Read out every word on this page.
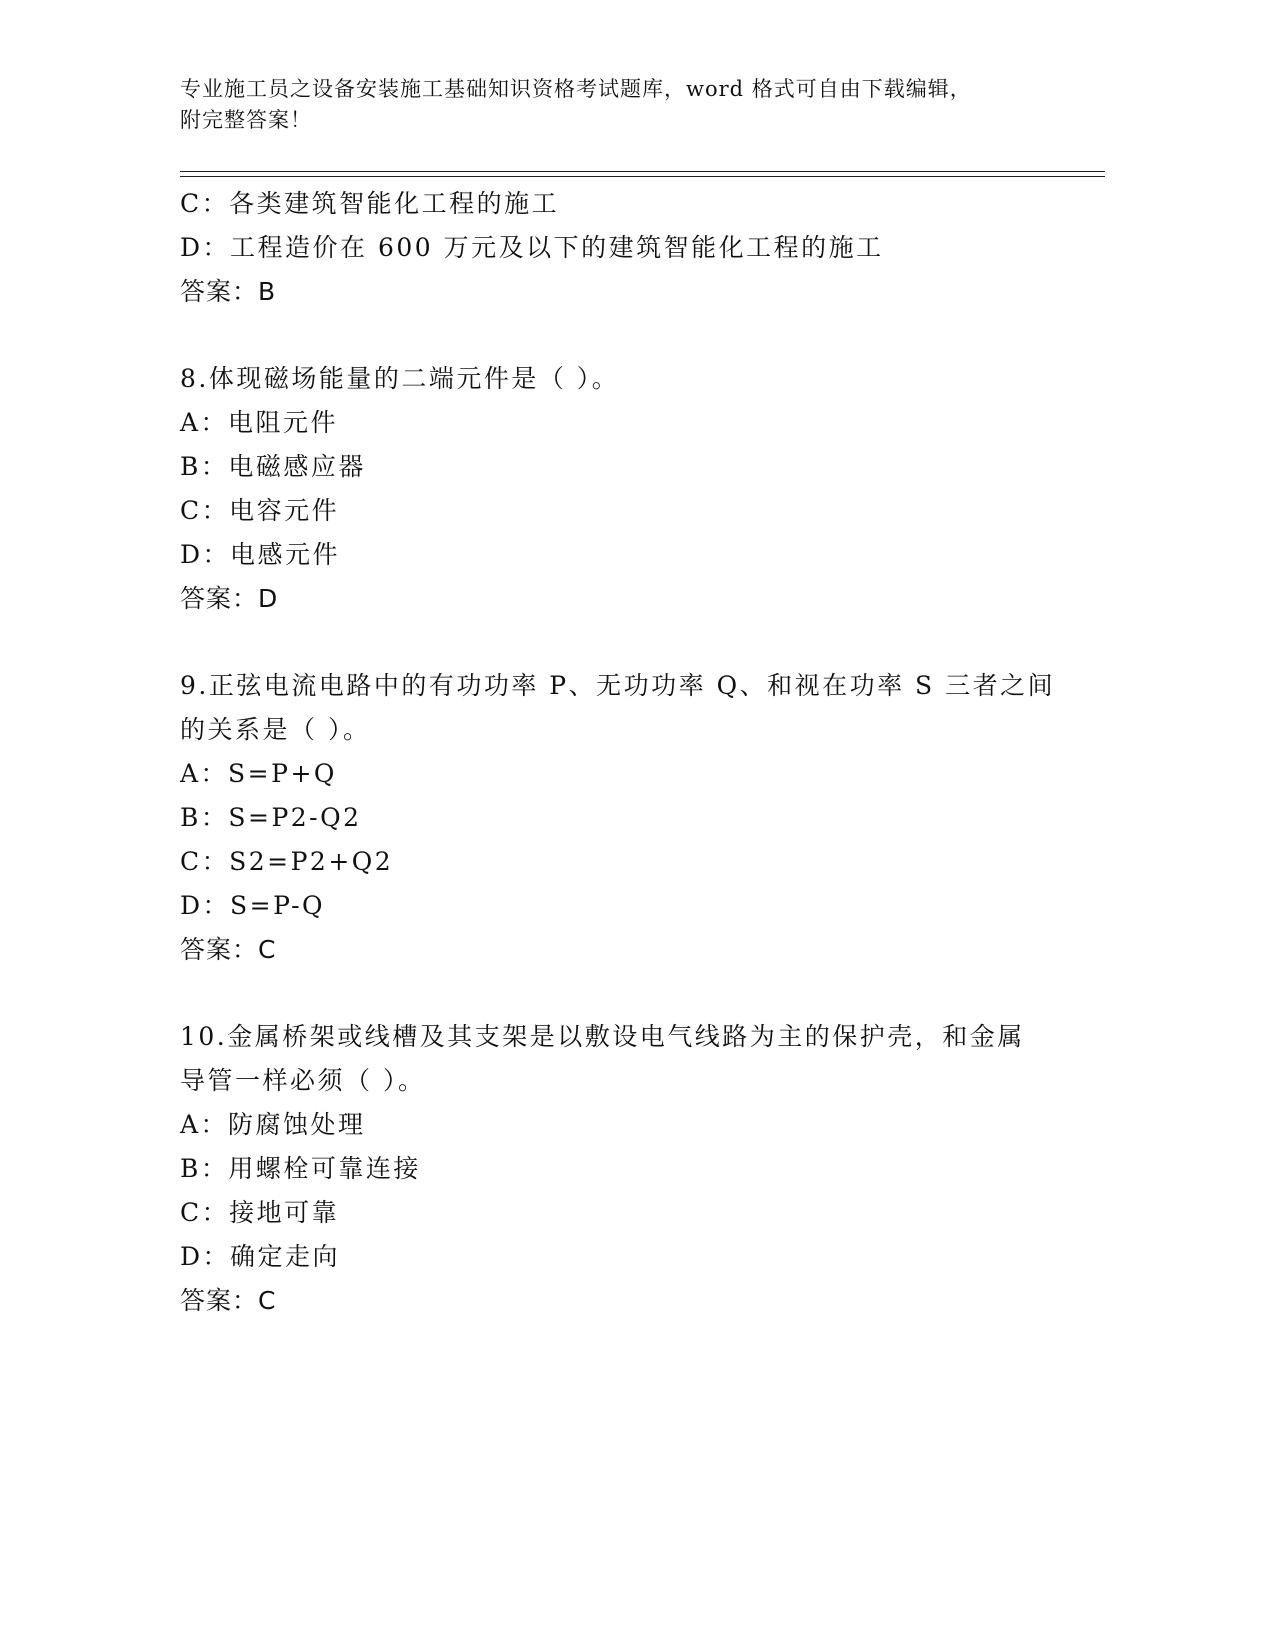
专业施工员之设备安装施工基础知识资格考试题库，word 格式可自由下载编辑，
附完整答案！
C：各类建筑智能化工程的施工
D：工程造价在 600 万元及以下的建筑智能化工程的施工
答案：B
8.体现磁场能量的二端元件是（ ）。
A：电阻元件
B：电磁感应器
C：电容元件
D：电感元件
答案：D
9.正弦电流电路中的有功功率 P、无功功率 Q、和视在功率 S 三者之间
的关系是（ ）。
A：S=P+Q
B：S=P2-Q2
C：S2=P2+Q2
D：S=P-Q
答案：C
10.金属桥架或线槽及其支架是以敷设电气线路为主的保护壳，和金属
导管一样必须（ ）。
A：防腐蚀处理
B：用螺栓可靠连接
C：接地可靠
D：确定走向
答案：C
